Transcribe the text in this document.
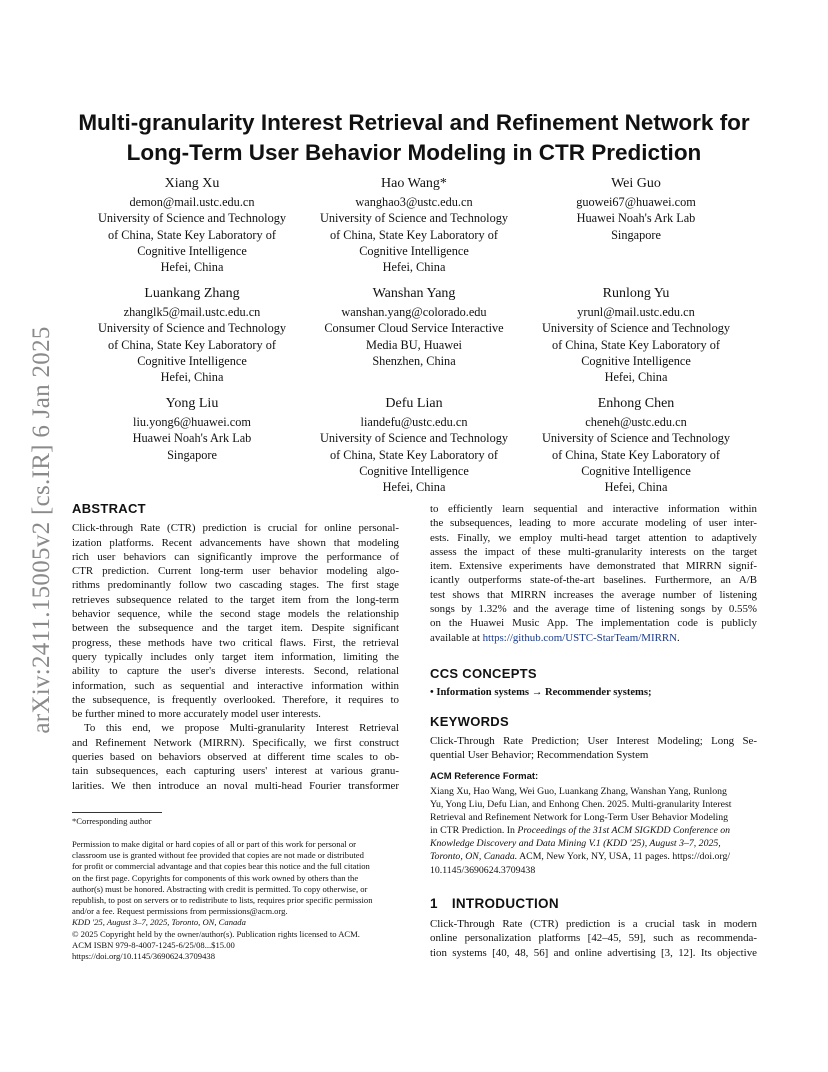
arXiv:2411.15005v2 [cs.IR] 6 Jan 2025
Multi-granularity Interest Retrieval and Refinement Network for
Long-Term User Behavior Modeling in CTR Prediction
Xiang Xu
demon@mail.ustc.edu.cn
University of Science and Technology
of China, State Key Laboratory of
Cognitive Intelligence
Hefei, China
Hao Wang*
wanghao3@ustc.edu.cn
University of Science and Technology
of China, State Key Laboratory of
Cognitive Intelligence
Hefei, China
Wei Guo
guowei67@huawei.com
Huawei Noah's Ark Lab
Singapore
Luankang Zhang
zhanglk5@mail.ustc.edu.cn
University of Science and Technology
of China, State Key Laboratory of
Cognitive Intelligence
Hefei, China
Wanshan Yang
wanshan.yang@colorado.edu
Consumer Cloud Service Interactive
Media BU, Huawei
Shenzhen, China
Runlong Yu
yrunl@mail.ustc.edu.cn
University of Science and Technology
of China, State Key Laboratory of
Cognitive Intelligence
Hefei, China
Yong Liu
liu.yong6@huawei.com
Huawei Noah's Ark Lab
Singapore
Defu Lian
liandefu@ustc.edu.cn
University of Science and Technology
of China, State Key Laboratory of
Cognitive Intelligence
Hefei, China
Enhong Chen
cheneh@ustc.edu.cn
University of Science and Technology
of China, State Key Laboratory of
Cognitive Intelligence
Hefei, China
ABSTRACT
Click-through Rate (CTR) prediction is crucial for online personal-
ization platforms. Recent advancements have shown that modeling
rich user behaviors can significantly improve the performance of
CTR prediction. Current long-term user behavior modeling algo-
rithms predominantly follow two cascading stages. The first stage
retrieves subsequence related to the target item from the long-term
behavior sequence, while the second stage models the relationship
between the subsequence and the target item. Despite significant
progress, these methods have two critical flaws. First, the retrieval
query typically includes only target item information, limiting the
ability to capture the user's diverse interests. Second, relational
information, such as sequential and interactive information within
the subsequence, is frequently overlooked. Therefore, it requires to
be further mined to more accurately model user interests.
To this end, we propose Multi-granularity Interest Retrieval
and Refinement Network (MIRRN). Specifically, we first construct
queries based on behaviors observed at different time scales to ob-
tain subsequences, each capturing users' interest at various granu-
larities. We then introduce an noval multi-head Fourier transformer
*Corresponding author
Permission to make digital or hard copies of all or part of this work for personal or
classroom use is granted without fee provided that copies are not made or distributed
for profit or commercial advantage and that copies bear this notice and the full citation
on the first page. Copyrights for components of this work owned by others than the
author(s) must be honored. Abstracting with credit is permitted. To copy otherwise, or
republish, to post on servers or to redistribute to lists, requires prior specific permission
and/or a fee. Request permissions from permissions@acm.org.
KDD '25, August 3–7, 2025, Toronto, ON, Canada
© 2025 Copyright held by the owner/author(s). Publication rights licensed to ACM.
ACM ISBN 979-8-4007-1245-6/25/08...$15.00
https://doi.org/10.1145/3690624.3709438
to efficiently learn sequential and interactive information within
the subsequences, leading to more accurate modeling of user inter-
ests. Finally, we employ multi-head target attention to adaptively
assess the impact of these multi-granularity interests on the target
item. Extensive experiments have demonstrated that MIRRN signif-
icantly outperforms state-of-the-art baselines. Furthermore, an A/B
test shows that MIRRN increases the average number of listening
songs by 1.32% and the average time of listening songs by 0.55%
on the Huawei Music App. The implementation code is publicly
available at https://github.com/USTC-StarTeam/MIRRN.
CCS CONCEPTS
• Information systems → Recommender systems;
KEYWORDS
Click-Through Rate Prediction; User Interest Modeling; Long Se-
quential User Behavior; Recommendation System
ACM Reference Format:
Xiang Xu, Hao Wang, Wei Guo, Luankang Zhang, Wanshan Yang, Runlong
Yu, Yong Liu, Defu Lian, and Enhong Chen. 2025. Multi-granularity Interest
Retrieval and Refinement Network for Long-Term User Behavior Modeling
in CTR Prediction. In Proceedings of the 31st ACM SIGKDD Conference on
Knowledge Discovery and Data Mining V.1 (KDD '25), August 3–7, 2025,
Toronto, ON, Canada. ACM, New York, NY, USA, 11 pages. https://doi.org/
10.1145/3690624.3709438
1 INTRODUCTION
Click-Through Rate (CTR) prediction is a crucial task in modern
online personalization platforms [42–45, 59], such as recommenda-
tion systems [40, 48, 56] and online advertising [3, 12]. Its objective
